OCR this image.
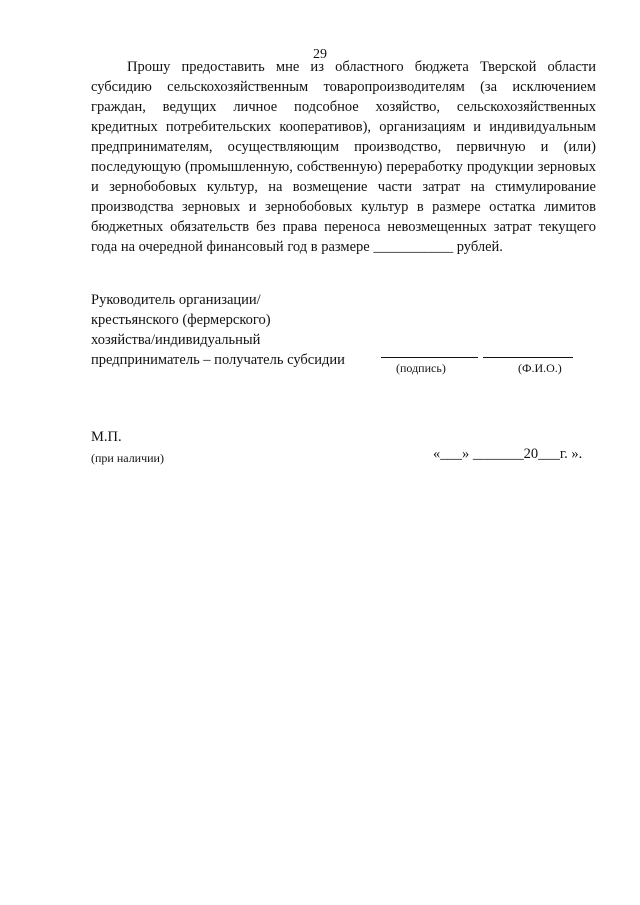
29

Прошу предоставить мне из областного бюджета Тверской области субсидию сельскохозяйственным товаропроизводителям (за исключением граждан, ведущих личное подсобное хозяйство, сельскохозяйственных кредитных потребительских кооперативов), организациям и индивидуальным предпринимателям, осуществляющим производство, первичную и (или) последующую (промышленную, собственную) переработку продукции зерновых и зернобобовых культур, на возмещение части затрат на стимулирование производства зерновых и зернобобовых культур в размере остатка лимитов бюджетных обязательств без права переноса невозмещенных затрат текущего года на очередной финансовый год в размере ___________ рублей.

Руководитель организации/
крестьянского (фермерского)
хозяйства/индивидуальный
предприниматель – получатель субсидии	(подпись)	(Ф.И.О.)
М.П.
(при наличии)	«___» _______20___г. ».
